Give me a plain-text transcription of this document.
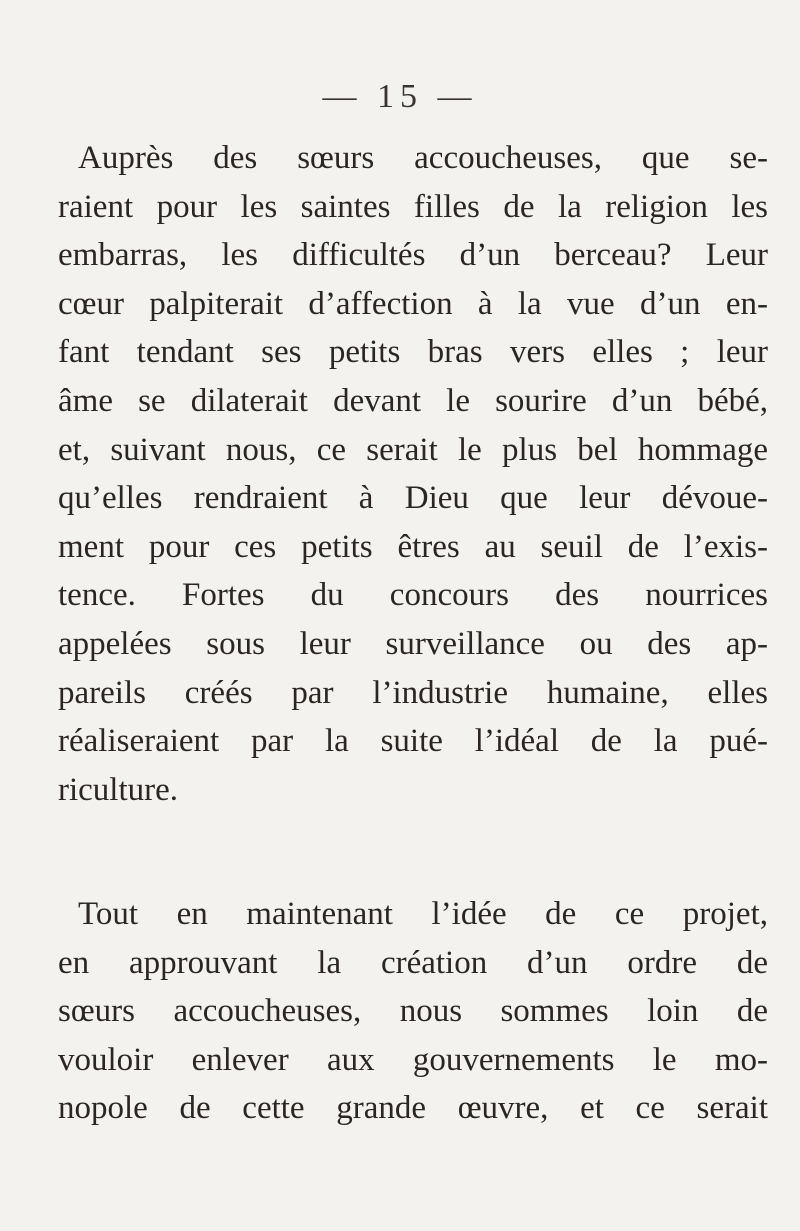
— 15 —
Auprès des sœurs accoucheuses, que se-
raient pour les saintes filles de la religion les
embarras, les difficultés d’un berceau? Leur
cœur palpiterait d’affection à la vue d’un en-
fant tendant ses petits bras vers elles ; leur
âme se dilaterait devant le sourire d’un bébé,
et, suivant nous, ce serait le plus bel hommage
qu’elles rendraient à Dieu que leur dévoue-
ment pour ces petits êtres au seuil de l’exis-
tence. Fortes du concours des nourrices
appelées sous leur surveillance ou des ap-
pareils créés par l’industrie humaine, elles
réaliseraient par la suite l’idéal de la pué-
riculture.
Tout en maintenant l’idée de ce projet,
en approuvant la création d’un ordre de
sœurs accoucheuses, nous sommes loin de
vouloir enlever aux gouvernements le mo-
nopole de cette grande œuvre, et ce serait
